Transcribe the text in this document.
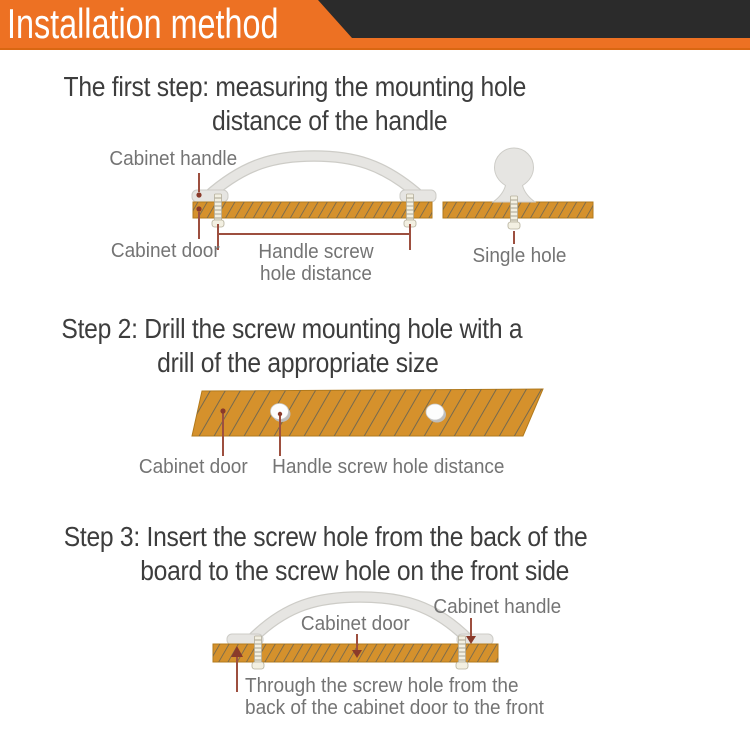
Installation method
The first step: measuring the mounting hole
distance of the handle
Cabinet handle
Cabinet door	Handle screw
hole distance
Single hole
Step 2: Drill the screw mounting hole with a
drill of the appropriate size
Cabinet door	Handle screw hole distance
Step 3: Insert the screw hole from the back of the
board to the screw hole on the front side
Cabinet handle
Cabinet door
Through the screw hole from the
back of the cabinet door to the front
